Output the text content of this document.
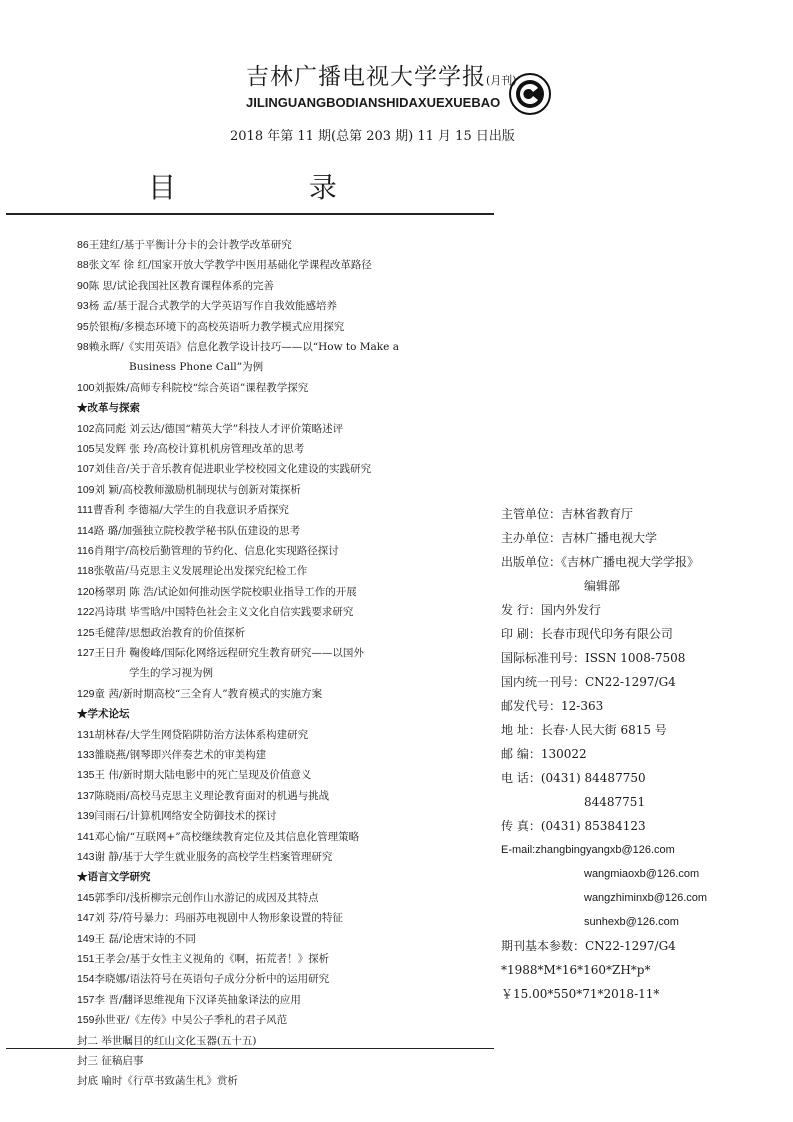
吉林广播电视大学学报(月刊)
JILINGUANGBODIANSHIDAXUEXUEBAO
2018 年第 11 期(总第 203 期) 11 月 15 日出版
目 录
86王建红/基于平衡计分卡的会计教学改革研究
88张文军 徐 红/国家开放大学教学中医用基础化学课程改革路径
90陈 思/试论我国社区教育课程体系的完善
93杨 孟/基于混合式教学的大学英语写作自我效能感培养
95於银梅/多模态环境下的高校英语听力教学模式应用探究
98赖永晖/《实用英语》信息化教学设计技巧——以“How to Make a
Business Phone Call”为例
100刘振姝/高师专科院校“综合英语”课程教学探究
★改革与探索
102高同彪 刘云达/德国“精英大学”科技人才评价策略述评
105吴发辉 张 玲/高校计算机机房管理改革的思考
107刘佳音/关于音乐教育促进职业学校校园文化建设的实践研究
109刘 颖/高校教师激励机制现状与创新对策探析
111曹香利 李德福/大学生的自我意识矛盾探究
114路 璐/加强独立院校教学秘书队伍建设的思考
116肖翔宇/高校后勤管理的节约化、信息化实现路径探讨
118张敬苗/马克思主义发展理论出发探究纪检工作
120杨翠玥 陈 浩/试论如何推动医学院校职业指导工作的开展
122冯诗琪 毕雪晗/中国特色社会主义文化自信实践要求研究
125毛健萍/思想政治教育的价值探析
127王日升 鞠俊峰/国际化网络远程研究生教育研究——以国外
学生的学习视为例
129童 茜/新时期高校“三全育人”教育模式的实施方案
★学术论坛
131胡林春/大学生网贷陷阱防治方法体系构建研究
133雒晓燕/钢琴即兴伴奏艺术的审美构建
135王 伟/新时期大陆电影中的死亡呈现及价值意义
137陈晓雨/高校马克思主义理论教育面对的机遇与挑战
139闫雨石/计算机网络安全防御技术的探讨
141邓心愉/“互联网+”高校继续教育定位及其信息化管理策略
143谢 静/基于大学生就业服务的高校学生档案管理研究
★语言文学研究
145郭季印/浅析柳宗元创作山水游记的成因及其特点
147刘 芬/符号暴力：玛丽苏电视剧中人物形象设置的特征
149王 磊/论唐宋诗的不同
151王孝会/基于女性主义视角的《啊，拓荒者！》探析
154李晓娜/语法符号在英语句子成分分析中的运用研究
157李 晋/翻译思维视角下汉译英抽象译法的应用
159孙世亚/《左传》中吴公子季札的君子风范
封二 举世瞩目的红山文化玉器(五十五)
封三 征稿启事
封底 喻时《行草书致菡生札》赏析
主管单位：吉林省教育厅
主办单位：吉林广播电视大学
出版单位：《吉林广播电视大学学报》
编辑部
发 行：国内外发行
印 刷：长春市现代印务有限公司
国际标准刊号：ISSN 1008-7508
国内统一刊号：CN22-1297/G4
邮发代号：12-363
地 址：长春·人民大街 6815 号
邮 编：130022
电 话：(0431) 84487750
84487751
传 真：(0431) 85384123
E-mail:zhangbingyangxb@126.com
wangmiaoxb@126.com
wangzhiminxb@126.com
sunhexb@126.com
期刊基本参数：CN22-1297/G4
*1988*M*16*160*ZH*p*
￥15.00*550*71*2018-11*
